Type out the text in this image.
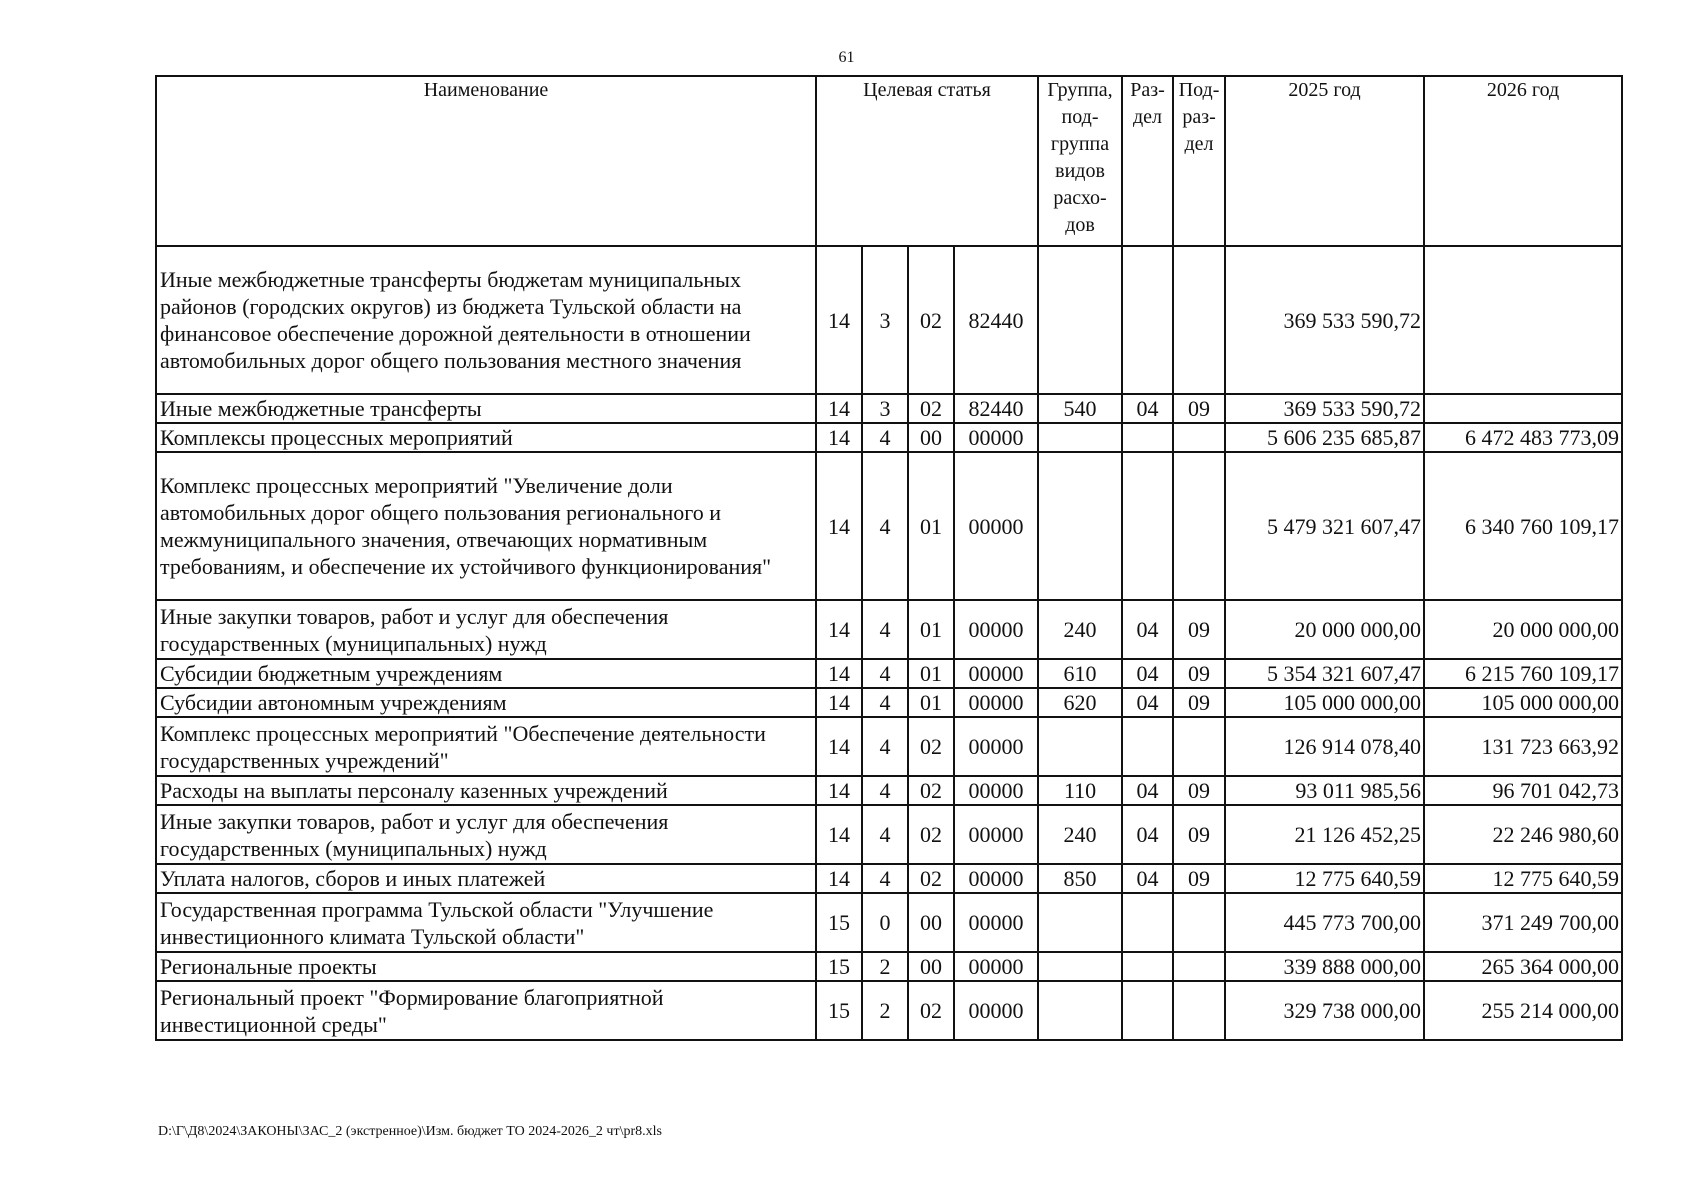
61
Наименование	Целевая статья				Группа, под-группа видов расхо-дов	Раз-дел	Под-раз-дел	2025 год	2026 год
Иные межбюджетные трансферты бюджетам муниципальных районов (городских округов) из бюджета Тульской области на финансовое обеспечение дорожной деятельности в отношении автомобильных дорог общего пользования местного значения	14	3	02	82440				369 533 590,72	
Иные межбюджетные трансферты	14	3	02	82440	540	04	09	369 533 590,72	
Комплексы процессных мероприятий	14	4	00	00000				5 606 235 685,87	6 472 483 773,09
Комплекс процессных мероприятий "Увеличение доли автомобильных дорог общего пользования регионального и межмуниципального значения, отвечающих нормативным требованиям, и обеспечение их устойчивого функционирования"	14	4	01	00000				5 479 321 607,47	6 340 760 109,17
Иные закупки товаров, работ и услуг для обеспечения государственных (муниципальных) нужд	14	4	01	00000	240	04	09	20 000 000,00	20 000 000,00
Субсидии бюджетным учреждениям	14	4	01	00000	610	04	09	5 354 321 607,47	6 215 760 109,17
Субсидии автономным учреждениям	14	4	01	00000	620	04	09	105 000 000,00	105 000 000,00
Комплекс процессных мероприятий "Обеспечение деятельности государственных учреждений"	14	4	02	00000				126 914 078,40	131 723 663,92
Расходы на выплаты персоналу казенных учреждений	14	4	02	00000	110	04	09	93 011 985,56	96 701 042,73
Иные закупки товаров, работ и услуг для обеспечения государственных (муниципальных) нужд	14	4	02	00000	240	04	09	21 126 452,25	22 246 980,60
Уплата налогов, сборов и иных платежей	14	4	02	00000	850	04	09	12 775 640,59	12 775 640,59
Государственная программа Тульской области "Улучшение инвестиционного климата Тульской области"	15	0	00	00000				445 773 700,00	371 249 700,00
Региональные проекты	15	2	00	00000				339 888 000,00	265 364 000,00
Региональный проект "Формирование благоприятной инвестиционной среды"	15	2	02	00000				329 738 000,00	255 214 000,00
D:\Г\Д8\2024\ЗАКОНЫ\ЗАС_2 (экстренное)\Изм. бюджет ТО 2024-2026_2 чт\pr8.xls
